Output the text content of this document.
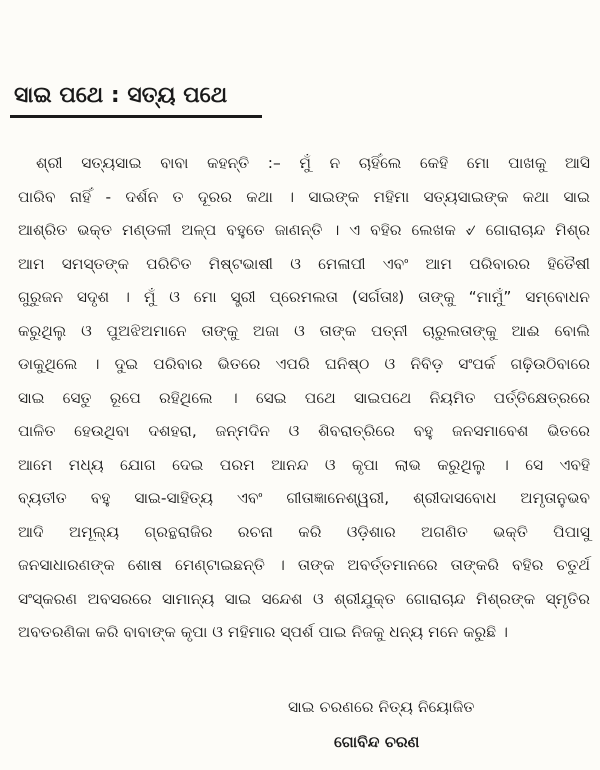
ସାଇ ପଥେ : ସତ୍ୟ ପଥେ
ଶ୍ରୀ ସତ୍ୟସାଇ ବାବା କହନ୍ତି :– ମୁଁ ନ ଚାହିଁଲେ କେହି ମୋ ପାଖକୁ ଆସି
ପାରିବ ନାହିଁ - ଦର୍ଶନ ତ ଦୂରର କଥା । ସାଇଙ୍କ ମହିମା ସତ୍ୟସାଇଙ୍କ କଥା ସାଇ
ଆଶ୍ରିତ ଭକ୍ତ ମଣ୍ଡଳୀ ଅଳ୍ପ ବହୁତେ ଜାଣନ୍ତି । ଏ ବହିର ଲେଖକ ୰ ଗୋରାଚାନ୍ଦ ମିଶ୍ର
ଆମ ସମସ୍ତଙ୍କ ପରିଚିତ ମିଷ୍ଟଭାଷୀ ଓ ମେଳାପୀ ଏବଂ ଆମ ପରିବାରର ହିତୈଷୀ
ଗୁରୁଜନ ସଦୃଶ । ମୁଁ ଓ ମୋ ସ୍ତ୍ରୀ ପ୍ରେମଲତା (ସର୍ଗତାଃ) ତାଙ୍କୁ “ମାମୁଁ” ସମ୍ବୋଧନ
କରୁଥିଲୁ ଓ ପୁଅଝିଅମାନେ ତାଙ୍କୁ ଅଜା ଓ ତାଙ୍କ ପତ୍ନୀ ଚାରୁଲତାଙ୍କୁ ଆଈ ବୋଲି
ଡାକୁଥିଲେ । ଦୁଇ ପରିବାର ଭିତରେ ଏପରି ଘନିଷ୍ଠ ଓ ନିବିଡ଼ ସଂପର୍କ ଗଢ଼ିଉଠିବାରେ
ସାଇ ସେତୁ ରୂପେ ରହିଥିଲେ । ସେଇ ପଥେ ସାଇପଥେ ନିୟମିତ ପର୍ତ୍ତିକ୍ଷେତ୍ରରେ
ପାଳିତ ହେଉଥିବା ଦଶହରା, ଜନ୍ମଦିନ ଓ ଶିବରାତ୍ରିରେ ବହୁ ଜନସମାବେଶ ଭିତରେ
ଆମେ ମଧ୍ୟ ଯୋଗ ଦେଇ ପରମ ଆନନ୍ଦ ଓ କୃପା ଲାଭ କରୁଥିଲୁ । ସେ ଏବହି
ବ୍ୟତୀତ ବହୁ ସାଇ-ସାହିତ୍ୟ ଏବଂ ଗୀତାଜ୍ଞାନେଶ୍ୱରୀ, ଶ୍ରୀଦାସବୋଧ ଅମୃତାନୁଭବ
ଆଦି ଅମୂଲ୍ୟ ଗ୍ରନ୍ଥରାଜିର ରଚନା କରି ଓଡ଼ିଶାର ଅଗଣିତ ଭକ୍ତି ପିପାସୁ
ଜନସାଧାରଣଙ୍କ ଶୋଷ ମେଣ୍ଟାଇଛନ୍ତି । ତାଙ୍କ ଅବର୍ତ୍ତମାନରେ ତାଙ୍କରି ବହିର ଚତୁର୍ଥ
ସଂସ୍କରଣ ଅବସରରେ ସାମାନ୍ୟ ସାଇ ସନ୍ଦେଶ ଓ ଶ୍ରୀଯୁକ୍ତ ଗୋରାଚାନ୍ଦ ମିଶ୍ରଙ୍କ ସ୍ମୃତିର
ଅବତରଣିକା କରି ବାବାଙ୍କ କୃପା ଓ ମହିମାର ସ୍ପର୍ଶ ପାଇ ନିଜକୁ ଧନ୍ୟ ମନେ କରୁଛି ।
ସାଇ ଚରଣରେ ନିତ୍ୟ ନିୟୋଜିତ
ଗୋବିନ୍ଦ ଚରଣ
